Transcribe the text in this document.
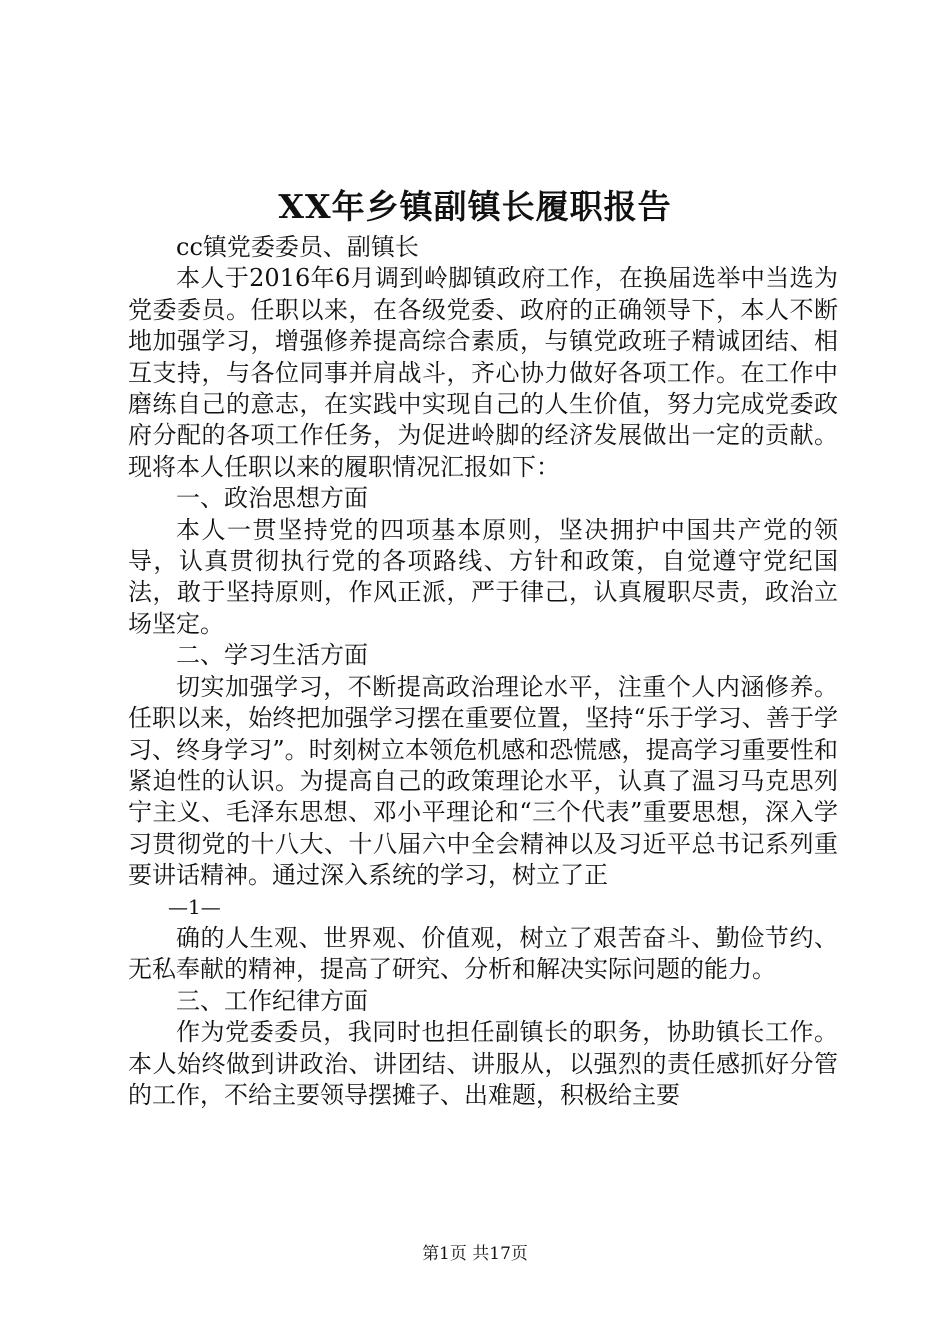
XX年乡镇副镇长履职报告

cc镇党委委员、副镇长

本人于2016年6月调到岭脚镇政府工作，在换届选举中当选为党委委员。任职以来，在各级党委、政府的正确领导下，本人不断地加强学习，增强修养提高综合素质，与镇党政班子精诚团结、相互支持，与各位同事并肩战斗，齐心协力做好各项工作。在工作中磨练自己的意志，在实践中实现自己的人生价值，努力完成党委政府分配的各项工作任务，为促进岭脚的经济发展做出一定的贡献。现将本人任职以来的履职情况汇报如下：

一、政治思想方面

本人一贯坚持党的四项基本原则，坚决拥护中国共产党的领导，认真贯彻执行党的各项路线、方针和政策，自觉遵守党纪国法，敢于坚持原则，作风正派，严于律己，认真履职尽责，政治立场坚定。

二、学习生活方面

切实加强学习，不断提高政治理论水平，注重个人内涵修养。任职以来，始终把加强学习摆在重要位置，坚持“乐于学习、善于学习、终身学习”。时刻树立本领危机感和恐慌感，提高学习重要性和紧迫性的认识。为提高自己的政策理论水平，认真了温习马克思列宁主义、毛泽东思想、邓小平理论和“三个代表”重要思想，深入学习贯彻党的十八大、十八届六中全会精神以及习近平总书记系列重要讲话精神。通过深入系统的学习，树立了正

—1—

确的人生观、世界观、价值观，树立了艰苦奋斗、勤俭节约、无私奉献的精神，提高了研究、分析和解决实际问题的能力。

三、工作纪律方面

作为党委委员，我同时也担任副镇长的职务，协助镇长工作。本人始终做到讲政治、讲团结、讲服从，以强烈的责任感抓好分管的工作，不给主要领导摆摊子、出难题，积极给主要

第1页 共17页
